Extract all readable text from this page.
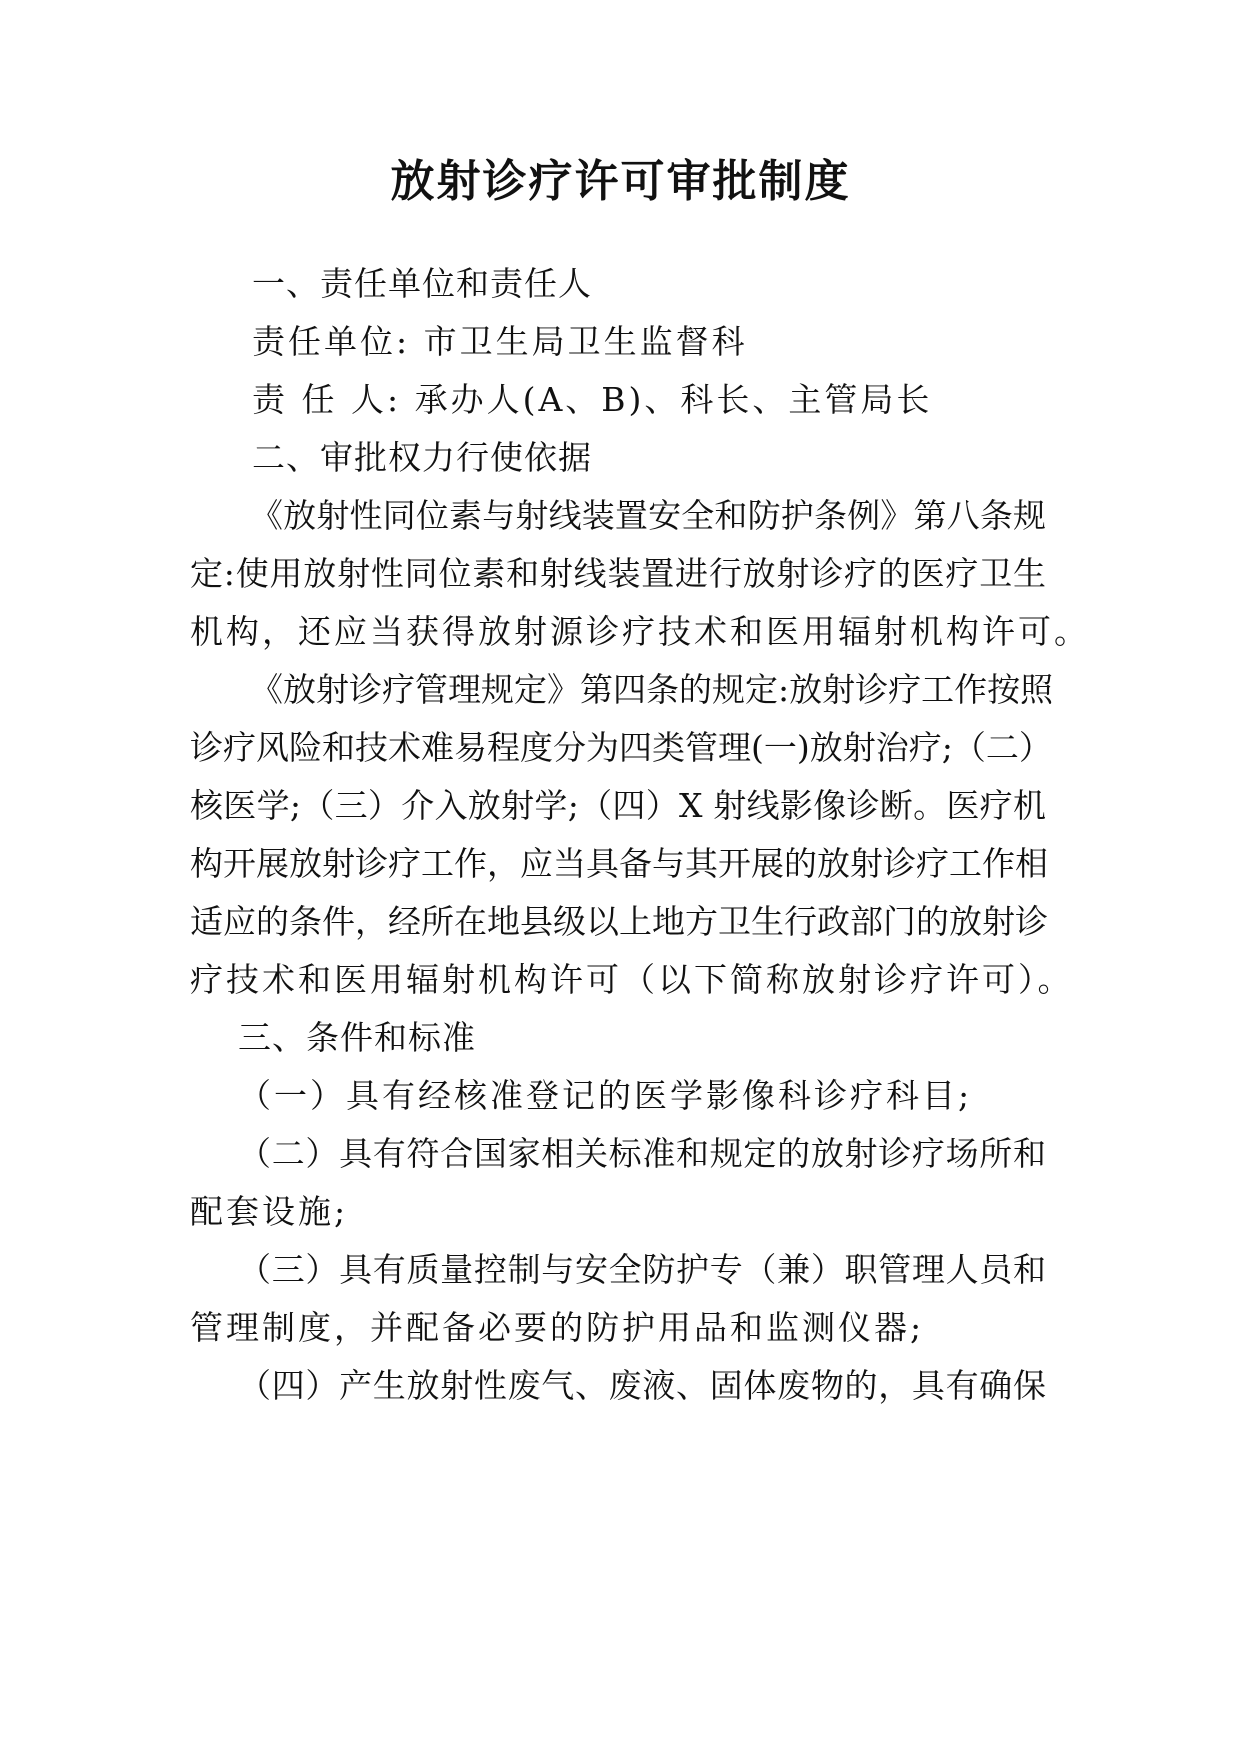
放射诊疗许可审批制度
一、责任单位和责任人
责任单位: 市卫生局卫生监督科
责 任 人: 承办人(A、B)、科长、主管局长
二、审批权力行使依据
《放射性同位素与射线装置安全和防护条例》第八条规
定:使用放射性同位素和射线装置进行放射诊疗的医疗卫生
机构，还应当获得放射源诊疗技术和医用辐射机构许可。
《放射诊疗管理规定》第四条的规定:放射诊疗工作按照
诊疗风险和技术难易程度分为四类管理(一)放射治疗;（二）
核医学;（三）介入放射学;（四）X 射线影像诊断。医疗机
构开展放射诊疗工作，应当具备与其开展的放射诊疗工作相
适应的条件，经所在地县级以上地方卫生行政部门的放射诊
疗技术和医用辐射机构许可（以下简称放射诊疗许可）。
三、条件和标准
（一）具有经核准登记的医学影像科诊疗科目;
（二）具有符合国家相关标准和规定的放射诊疗场所和
配套设施;
（三）具有质量控制与安全防护专（兼）职管理人员和
管理制度，并配备必要的防护用品和监测仪器;
（四）产生放射性废气、废液、固体废物的，具有确保
